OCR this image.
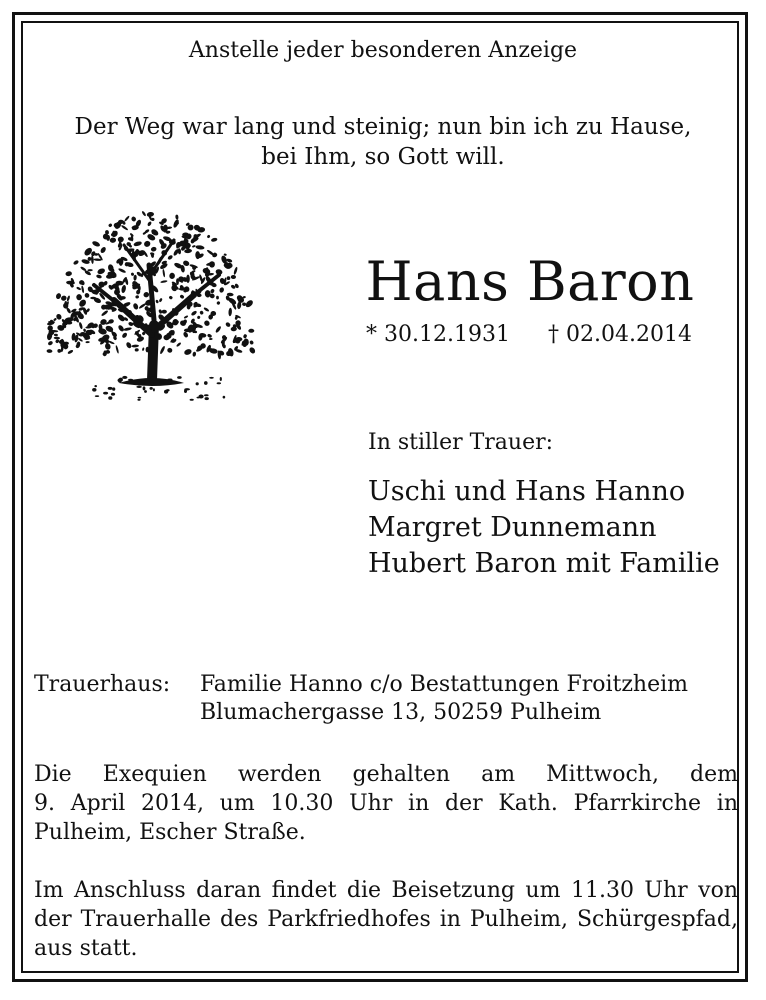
Anstelle jeder besonderen Anzeige

Der Weg war lang und steinig; nun bin ich zu Hause,

bei Ihm, so Gott will.

Hans Baron

* 30.12.1931 † 02.04.2014

In stiller Trauer:

Uschi und Hans Hanno

Margret Dunnemann

Hubert Baron mit Familie

Trauerhaus: Familie Hanno c/o Bestattungen Froitzheim

Blumachergasse 13, 50259 Pulheim

Die Exequien werden gehalten am Mittwoch, dem

9. April 2014, um 10.30 Uhr in der Kath. Pfarrkirche in

Pulheim, Escher Straße.

Im Anschluss daran findet die Beisetzung um 11.30 Uhr von

der Trauerhalle des Parkfriedhofes in Pulheim, Schürgespfad,

aus statt.
